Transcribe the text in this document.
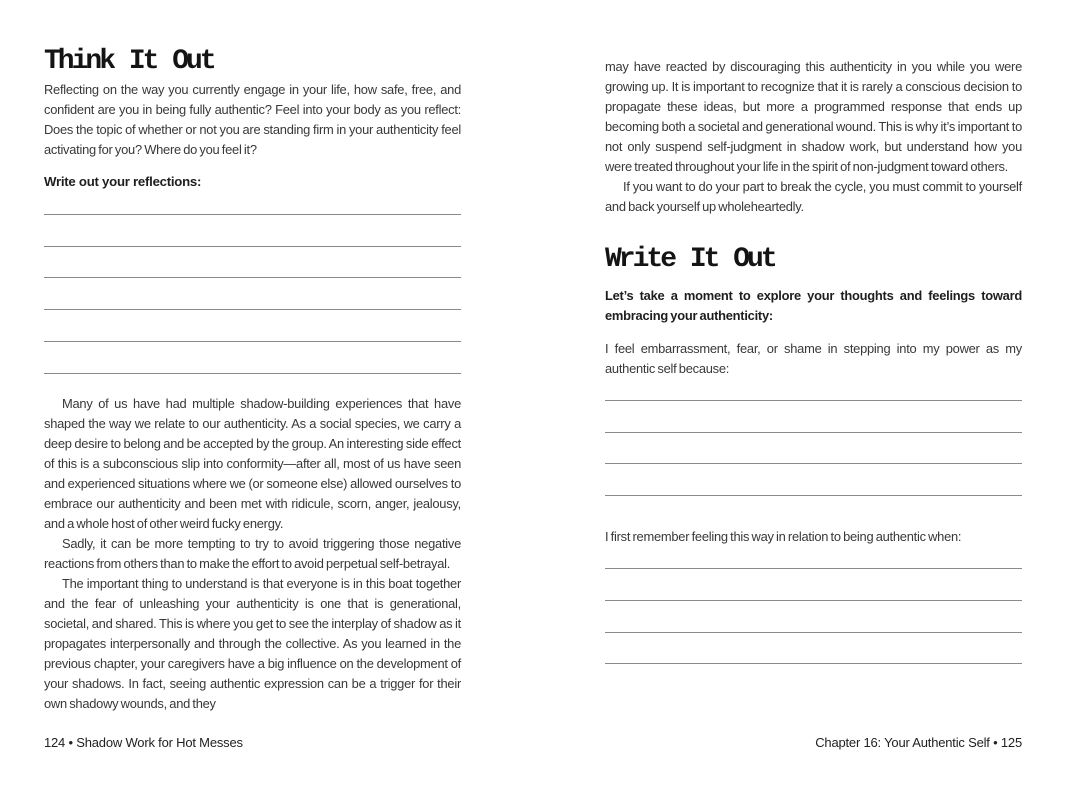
Think It Out

Reflecting on the way you currently engage in your life, how safe, free, and confident are you in being fully authentic? Feel into your body as you reflect: Does the topic of whether or not you are standing firm in your authenticity feel activating for you? Where do you feel it?

Write out your reflections:

Many of us have had multiple shadow-building experiences that have shaped the way we relate to our authenticity. As a social species, we carry a deep desire to belong and be accepted by the group. An interesting side effect of this is a subconscious slip into conformity—after all, most of us have seen and experienced situations where we (or someone else) allowed ourselves to embrace our authenticity and been met with ridicule, scorn, anger, jealousy, and a whole host of other weird fucky energy.

Sadly, it can be more tempting to try to avoid triggering those negative reactions from others than to make the effort to avoid perpetual self-betrayal.

The important thing to understand is that everyone is in this boat together and the fear of unleashing your authenticity is one that is generational, societal, and shared. This is where you get to see the interplay of shadow as it propagates interpersonally and through the collective. As you learned in the previous chapter, your caregivers have a big influence on the development of your shadows. In fact, seeing authentic expression can be a trigger for their own shadowy wounds, and they

124 • Shadow Work for Hot Messes

may have reacted by discouraging this authenticity in you while you were growing up. It is important to recognize that it is rarely a conscious decision to propagate these ideas, but more a programmed response that ends up becoming both a societal and generational wound. This is why it’s important to not only suspend self-judgment in shadow work, but understand how you were treated throughout your life in the spirit of non-judgment toward others.

If you want to do your part to break the cycle, you must commit to yourself and back yourself up wholeheartedly.

Write It Out

Let’s take a moment to explore your thoughts and feelings toward embracing your authenticity:

I feel embarrassment, fear, or shame in stepping into my power as my authentic self because:

I first remember feeling this way in relation to being authentic when:

Chapter 16: Your Authentic Self • 125
